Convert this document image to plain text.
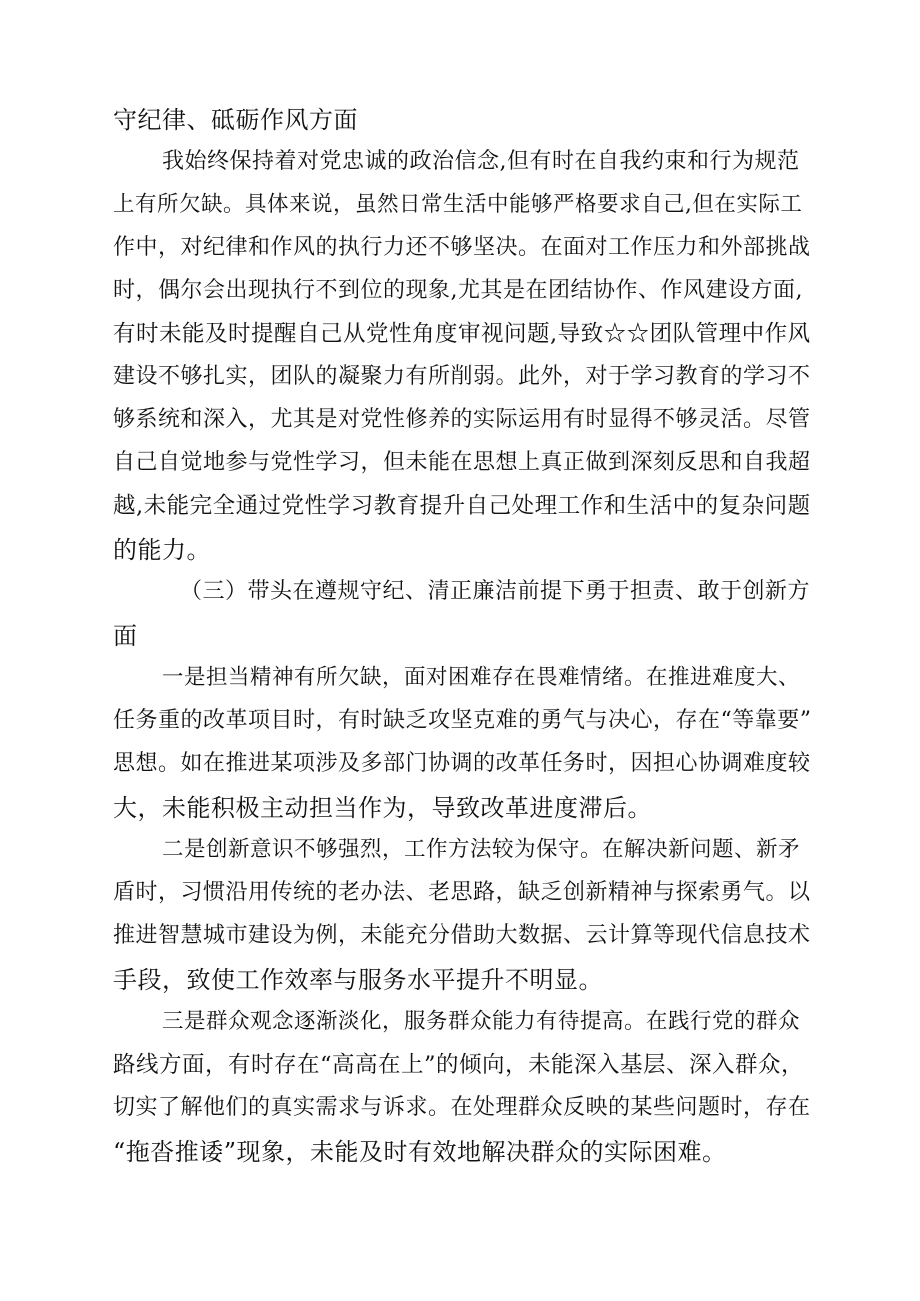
守纪律、砥砺作风方面
我始终保持着对党忠诚的政治信念,但有时在自我约束和行为规范
上有所欠缺。具体来说，虽然日常生活中能够严格要求自己,但在实际工
作中，对纪律和作风的执行力还不够坚决。在面对工作压力和外部挑战
时，偶尔会出现执行不到位的现象,尤其是在团结协作、作风建设方面,
有时未能及时提醒自己从党性角度审视问题,导致☆☆团队管理中作风
建设不够扎实，团队的凝聚力有所削弱。此外，对于学习教育的学习不
够系统和深入，尤其是对党性修养的实际运用有时显得不够灵活。尽管
自己自觉地参与党性学习，但未能在思想上真正做到深刻反思和自我超
越,未能完全通过党性学习教育提升自己处理工作和生活中的复杂问题
的能力。
（三）带头在遵规守纪、清正廉洁前提下勇于担责、敢于创新方
面
一是担当精神有所欠缺，面对困难存在畏难情绪。在推进难度大、
任务重的改革项目时，有时缺乏攻坚克难的勇气与决心，存在“等靠要”
思想。如在推进某项涉及多部门协调的改革任务时，因担心协调难度较
大，未能积极主动担当作为，导致改革进度滞后。
二是创新意识不够强烈，工作方法较为保守。在解决新问题、新矛
盾时，习惯沿用传统的老办法、老思路，缺乏创新精神与探索勇气。以
推进智慧城市建设为例，未能充分借助大数据、云计算等现代信息技术
手段，致使工作效率与服务水平提升不明显。
三是群众观念逐渐淡化，服务群众能力有待提高。在践行党的群众
路线方面，有时存在“高高在上”的倾向，未能深入基层、深入群众，
切实了解他们的真实需求与诉求。在处理群众反映的某些问题时，存在
“拖沓推诿”现象，未能及时有效地解决群众的实际困难。
